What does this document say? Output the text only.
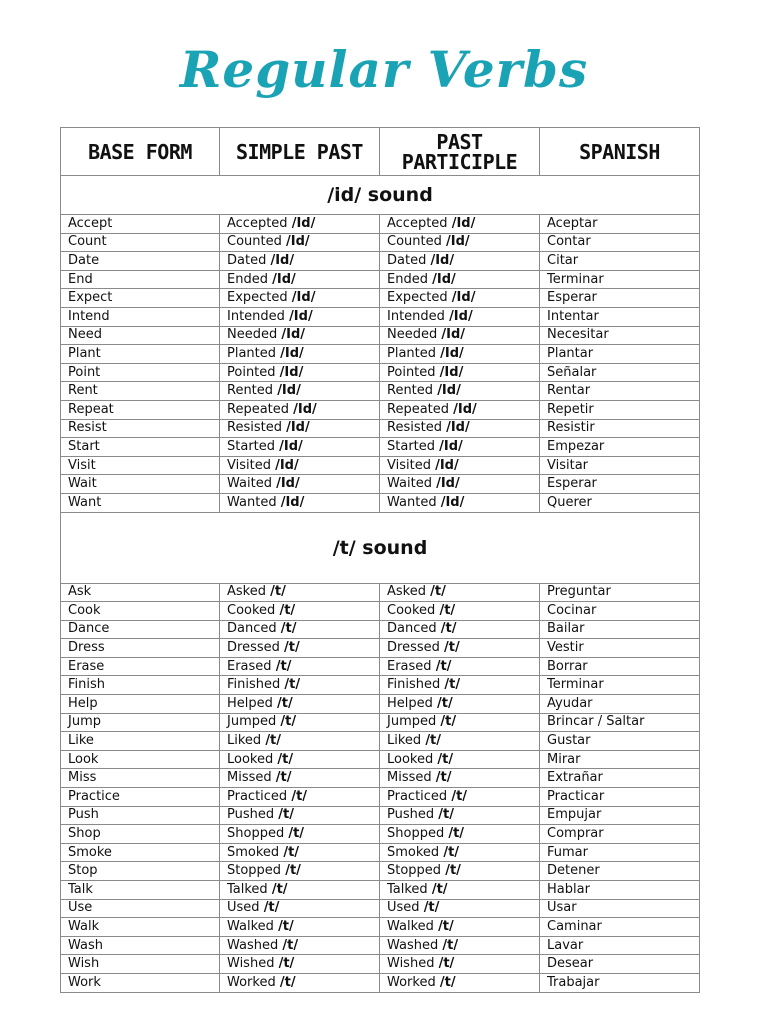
Regular Verbs
BASE FORM	SIMPLE PAST	PAST PARTICIPLE	SPANISH
/id/ sound			
Accept	Accepted /Id/	Accepted /Id/	Aceptar
Count	Counted /Id/	Counted /Id/	Contar
Date	Dated /Id/	Dated /Id/	Citar
End	Ended /Id/	Ended /Id/	Terminar
Expect	Expected /Id/	Expected /Id/	Esperar
Intend	Intended /Id/	Intended /Id/	Intentar
Need	Needed /Id/	Needed /Id/	Necesitar
Plant	Planted /Id/	Planted /Id/	Plantar
Point	Pointed /Id/	Pointed /Id/	Señalar
Rent	Rented /Id/	Rented /Id/	Rentar
Repeat	Repeated /Id/	Repeated /Id/	Repetir
Resist	Resisted /Id/	Resisted /Id/	Resistir
Start	Started /Id/	Started /Id/	Empezar
Visit	Visited /Id/	Visited /Id/	Visitar
Wait	Waited /Id/	Waited /Id/	Esperar
Want	Wanted /Id/	Wanted /Id/	Querer
/t/ sound			
Ask	Asked /t/	Asked /t/	Preguntar
Cook	Cooked /t/	Cooked /t/	Cocinar
Dance	Danced /t/	Danced /t/	Bailar
Dress	Dressed /t/	Dressed /t/	Vestir
Erase	Erased /t/	Erased /t/	Borrar
Finish	Finished /t/	Finished /t/	Terminar
Help	Helped /t/	Helped /t/	Ayudar
Jump	Jumped /t/	Jumped /t/	Brincar / Saltar
Like	Liked /t/	Liked /t/	Gustar
Look	Looked /t/	Looked /t/	Mirar
Miss	Missed /t/	Missed /t/	Extrañar
Practice	Practiced /t/	Practiced /t/	Practicar
Push	Pushed /t/	Pushed /t/	Empujar
Shop	Shopped /t/	Shopped /t/	Comprar
Smoke	Smoked /t/	Smoked /t/	Fumar
Stop	Stopped /t/	Stopped /t/	Detener
Talk	Talked /t/	Talked /t/	Hablar
Use	Used /t/	Used /t/	Usar
Walk	Walked /t/	Walked /t/	Caminar
Wash	Washed /t/	Washed /t/	Lavar
Wish	Wished /t/	Wished /t/	Desear
Work	Worked /t/	Worked /t/	Trabajar
